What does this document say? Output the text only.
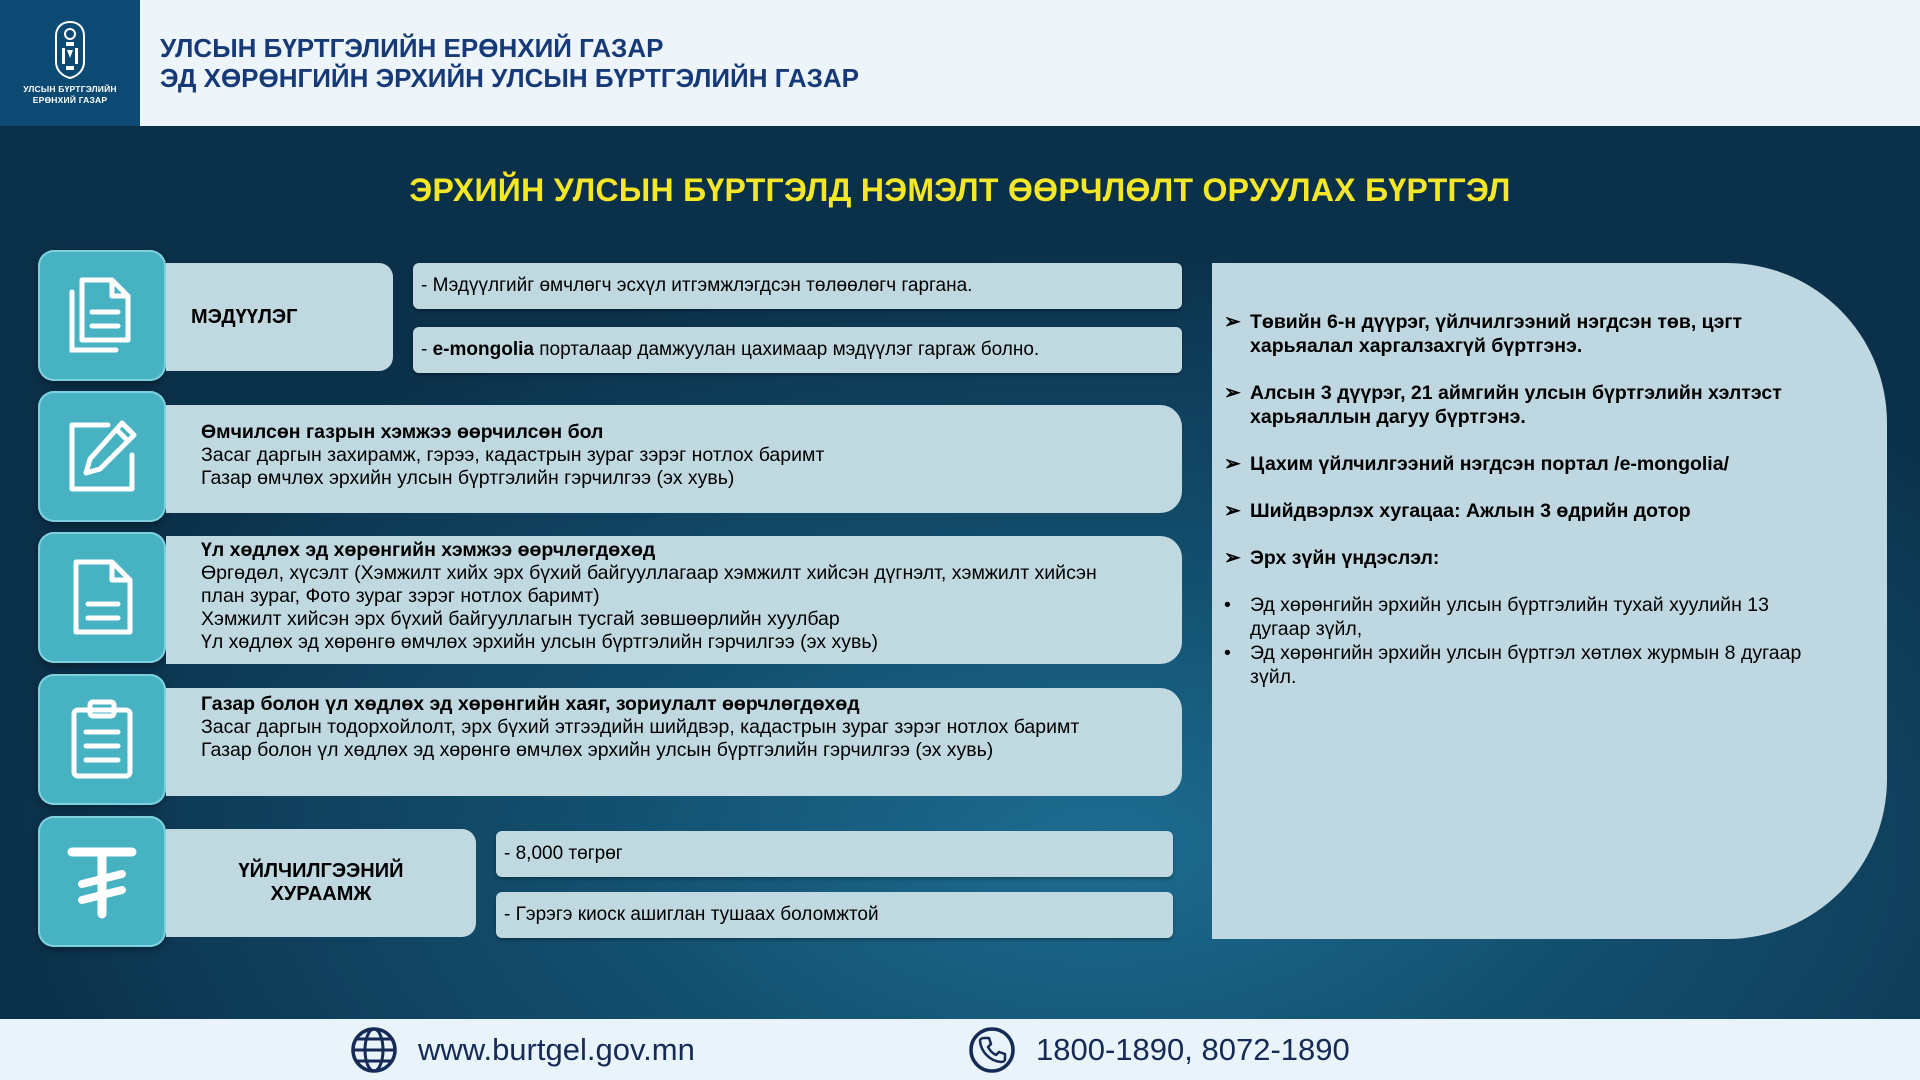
УЛСЫН БҮРТГЭЛИЙН
ЕРӨНХИЙ ГАЗАР
УЛСЫН БҮРТГЭЛИЙН ЕРӨНХИЙ ГАЗАР
ЭД ХӨРӨНГИЙН ЭРХИЙН УЛСЫН БҮРТГЭЛИЙН ГАЗАР
ЭРХИЙН УЛСЫН БҮРТГЭЛД НЭМЭЛТ ӨӨРЧЛӨЛТ ОРУУЛАХ БҮРТГЭЛ
МЭДҮҮЛЭГ
- Мэдүүлгийг өмчлөгч эсхүл итгэмжлэгдсэн төлөөлөгч гаргана.
- e-mongolia порталаар дамжуулан цахимаар мэдүүлэг гаргаж болно.
Өмчилсөн газрын хэмжээ өөрчилсөн бол
Засаг даргын захирамж, гэрээ, кадастрын зураг зэрэг нотлох баримт
Газар өмчлөх эрхийн улсын бүртгэлийн гэрчилгээ (эх хувь)
Үл хөдлөх эд хөрөнгийн хэмжээ өөрчлөгдөхөд
Өргөдөл, хүсэлт (Хэмжилт хийх эрх бүхий байгууллагаар хэмжилт хийсэн дүгнэлт, хэмжилт хийсэн план зураг, Фото зураг зэрэг нотлох баримт)
Хэмжилт хийсэн эрх бүхий байгууллагын тусгай зөвшөөрлийн хуулбар
Үл хөдлөх эд хөрөнгө өмчлөх эрхийн улсын бүртгэлийн гэрчилгээ (эх хувь)
Газар болон үл хөдлөх эд хөрөнгийн хаяг, зориулалт өөрчлөгдөхөд
Засаг даргын тодорхойлолт, эрх бүхий этгээдийн шийдвэр, кадастрын зураг зэрэг нотлох баримт
Газар болон үл хөдлөх эд хөрөнгө өмчлөх эрхийн улсын бүртгэлийн гэрчилгээ (эх хувь)
ҮЙЛЧИЛГЭЭНИЙ ХУРААМЖ
- 8,000 төгрөг
- Гэрэгэ киоск ашиглан тушаах боломжтой
➢ Төвийн 6-н дүүрэг, үйлчилгээний нэгдсэн төв, цэгт харьяалал харгалзахгүй бүртгэнэ.
➢ Алсын 3 дүүрэг, 21 аймгийн улсын бүртгэлийн хэлтэст харьяаллын дагуу бүртгэнэ.
➢ Цахим үйлчилгээний нэгдсэн портал /e-mongolia/
➢ Шийдвэрлэх хугацаа: Ажлын 3 өдрийн дотор
➢ Эрх зүйн үндэслэл:
• Эд хөрөнгийн эрхийн улсын бүртгэлийн тухай хуулийн 13 дугаар зүйл,
• Эд хөрөнгийн эрхийн улсын бүртгэл хөтлөх журмын 8 дугаар зүйл.
www.burtgel.gov.mn	1800-1890, 8072-1890
